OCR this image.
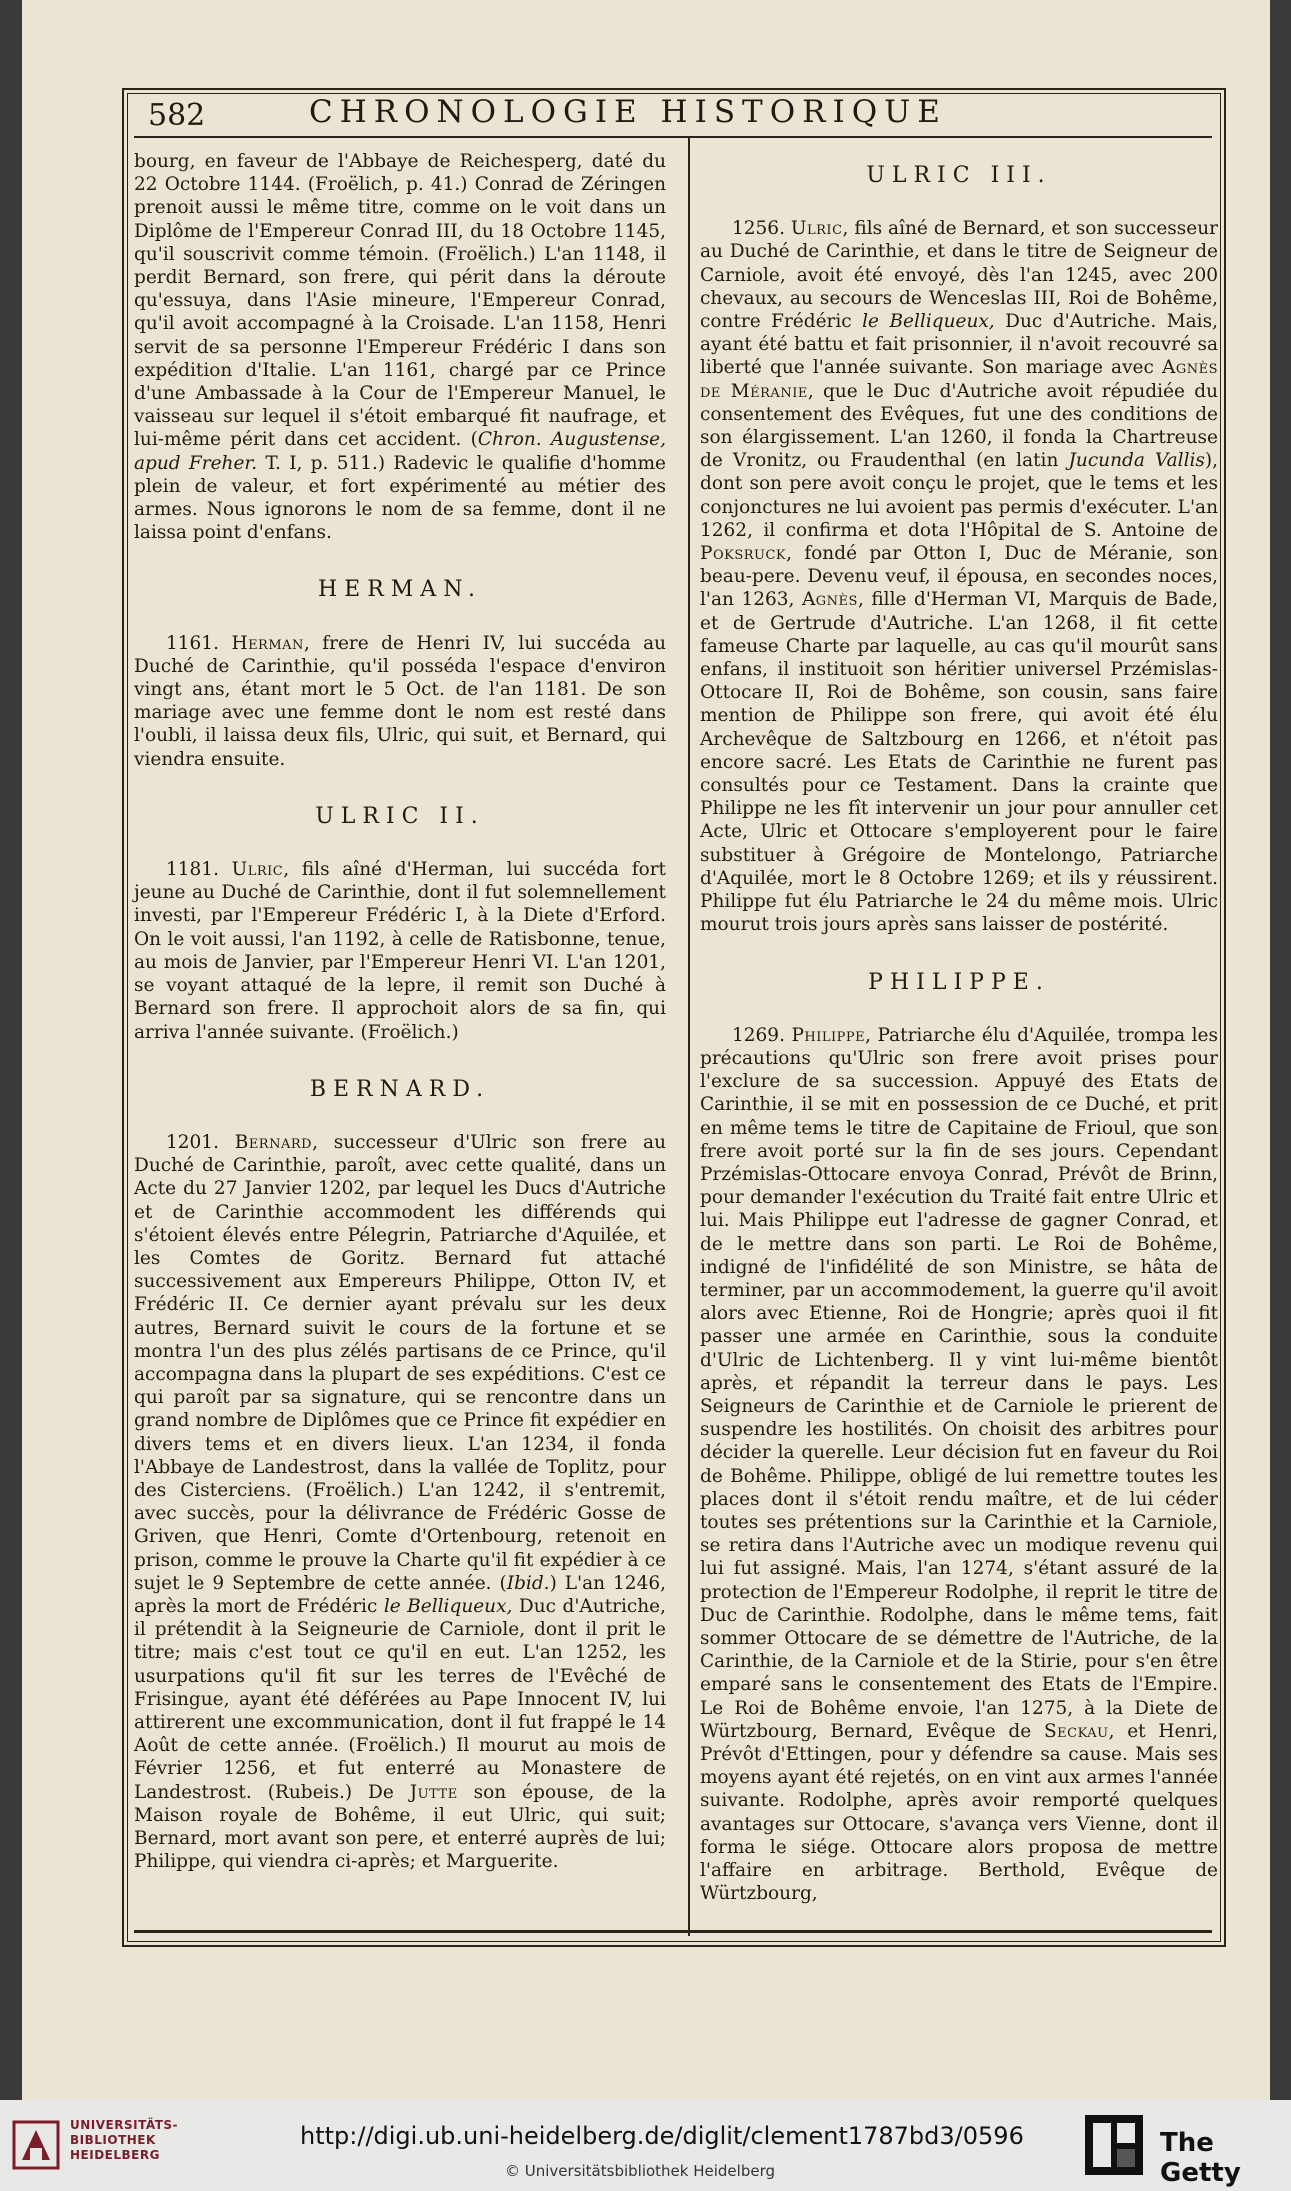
582	CHRONOLOGIE HISTORIQUE

bourg, en faveur de l'Abbaye de Reichesperg, daté du 22 Octobre 1144. (Froëlich, p. 41.) Conrad de Zéringen prenoit aussi le même titre, comme on le voit dans un Diplôme de l'Empereur Conrad III, du 18 Octobre 1145, qu'il souscrivit comme témoin. (Froëlich.) L'an 1148, il perdit Bernard, son frere, qui périt dans la déroute qu'essuya, dans l'Asie mineure, l'Empereur Conrad, qu'il avoit accompagné à la Croisade. L'an 1158, Henri servit de sa personne l'Empereur Frédéric I dans son expédition d'Italie. L'an 1161, chargé par ce Prince d'une Ambassade à la Cour de l'Empereur Manuel, le vaisseau sur lequel il s'étoit embarqué fit naufrage, et lui-même périt dans cet accident. (Chron. Augustense, apud Freher. T. I, p. 511.) Radevic le qualifie d'homme plein de valeur, et fort expérimenté au métier des armes. Nous ignorons le nom de sa femme, dont il ne laissa point d'enfans.

HERMAN.

1161. Herman, frere de Henri IV, lui succéda au Duché de Carinthie, qu'il posséda l'espace d'environ vingt ans, étant mort le 5 Oct. de l'an 1181. De son mariage avec une femme dont le nom est resté dans l'oubli, il laissa deux fils, Ulric, qui suit, et Bernard, qui viendra ensuite.

ULRIC II.

1181. Ulric, fils aîné d'Herman, lui succéda fort jeune au Duché de Carinthie, dont il fut solemnellement investi, par l'Empereur Frédéric I, à la Diete d'Erford. On le voit aussi, l'an 1192, à celle de Ratisbonne, tenue, au mois de Janvier, par l'Empereur Henri VI. L'an 1201, se voyant attaqué de la lepre, il remit son Duché à Bernard son frere. Il approchoit alors de sa fin, qui arriva l'année suivante. (Froëlich.)

BERNARD.

1201. Bernard, successeur d'Ulric son frere au Duché de Carinthie, paroît, avec cette qualité, dans un Acte du 27 Janvier 1202, par lequel les Ducs d'Autriche et de Carinthie accommodent les différends qui s'étoient élevés entre Pélegrin, Patriarche d'Aquilée, et les Comtes de Goritz. Bernard fut attaché successivement aux Empereurs Philippe, Otton IV, et Frédéric II. Ce dernier ayant prévalu sur les deux autres, Bernard suivit le cours de la fortune et se montra l'un des plus zélés partisans de ce Prince, qu'il accompagna dans la plupart de ses expéditions. C'est ce qui paroît par sa signature, qui se rencontre dans un grand nombre de Diplômes que ce Prince fit expédier en divers tems et en divers lieux. L'an 1234, il fonda l'Abbaye de Landestrost, dans la vallée de Toplitz, pour des Cisterciens. (Froëlich.) L'an 1242, il s'entremit, avec succès, pour la délivrance de Frédéric Gosse de Griven, que Henri, Comte d'Ortenbourg, retenoit en prison, comme le prouve la Charte qu'il fit expédier à ce sujet le 9 Septembre de cette année. (Ibid.) L'an 1246, après la mort de Frédéric le Belliqueux, Duc d'Autriche, il prétendit à la Seigneurie de Carniole, dont il prit le titre; mais c'est tout ce qu'il en eut. L'an 1252, les usurpations qu'il fit sur les terres de l'Evêché de Frisingue, ayant été déférées au Pape Innocent IV, lui attirerent une excommunication, dont il fut frappé le 14 Août de cette année. (Froëlich.) Il mourut au mois de Février 1256, et fut enterré au Monastere de Landestrost. (Rubeis.) De Jutte son épouse, de la Maison royale de Bohême, il eut Ulric, qui suit; Bernard, mort avant son pere, et enterré auprès de lui; Philippe, qui viendra ci-après; et Marguerite.

ULRIC III.

1256. Ulric, fils aîné de Bernard, et son successeur au Duché de Carinthie, et dans le titre de Seigneur de Carniole, avoit été envoyé, dès l'an 1245, avec 200 chevaux, au secours de Wenceslas III, Roi de Bohême, contre Frédéric le Belliqueux, Duc d'Autriche. Mais, ayant été battu et fait prisonnier, il n'avoit recouvré sa liberté que l'année suivante. Son mariage avec Agnès de Méranie, que le Duc d'Autriche avoit répudiée du consentement des Evêques, fut une des conditions de son élargissement. L'an 1260, il fonda la Chartreuse de Vronitz, ou Fraudenthal (en latin Jucunda Vallis), dont son pere avoit conçu le projet, que le tems et les conjonctures ne lui avoient pas permis d'exécuter. L'an 1262, il confirma et dota l'Hôpital de S. Antoine de Poksruck, fondé par Otton I, Duc de Méranie, son beau-pere. Devenu veuf, il épousa, en secondes noces, l'an 1263, Agnès, fille d'Herman VI, Marquis de Bade, et de Gertrude d'Autriche. L'an 1268, il fit cette fameuse Charte par laquelle, au cas qu'il mourût sans enfans, il instituoit son héritier universel Przémislas-Ottocare II, Roi de Bohême, son cousin, sans faire mention de Philippe son frere, qui avoit été élu Archevêque de Saltzbourg en 1266, et n'étoit pas encore sacré. Les Etats de Carinthie ne furent pas consultés pour ce Testament. Dans la crainte que Philippe ne les fît intervenir un jour pour annuller cet Acte, Ulric et Ottocare s'employerent pour le faire substituer à Grégoire de Montelongo, Patriarche d'Aquilée, mort le 8 Octobre 1269; et ils y réussirent. Philippe fut élu Patriarche le 24 du même mois. Ulric mourut trois jours après sans laisser de postérité.

PHILIPPE.

1269. Philippe, Patriarche élu d'Aquilée, trompa les précautions qu'Ulric son frere avoit prises pour l'exclure de sa succession. Appuyé des Etats de Carinthie, il se mit en possession de ce Duché, et prit en même tems le titre de Capitaine de Frioul, que son frere avoit porté sur la fin de ses jours. Cependant Przémislas-Ottocare envoya Conrad, Prévôt de Brinn, pour demander l'exécution du Traité fait entre Ulric et lui. Mais Philippe eut l'adresse de gagner Conrad, et de le mettre dans son parti. Le Roi de Bohême, indigné de l'infidélité de son Ministre, se hâta de terminer, par un accommodement, la guerre qu'il avoit alors avec Etienne, Roi de Hongrie; après quoi il fit passer une armée en Carinthie, sous la conduite d'Ulric de Lichtenberg. Il y vint lui-même bientôt après, et répandit la terreur dans le pays. Les Seigneurs de Carinthie et de Carniole le prierent de suspendre les hostilités. On choisit des arbitres pour décider la querelle. Leur décision fut en faveur du Roi de Bohême. Philippe, obligé de lui remettre toutes les places dont il s'étoit rendu maître, et de lui céder toutes ses prétentions sur la Carinthie et la Carniole, se retira dans l'Autriche avec un modique revenu qui lui fut assigné. Mais, l'an 1274, s'étant assuré de la protection de l'Empereur Rodolphe, il reprit le titre de Duc de Carinthie. Rodolphe, dans le même tems, fait sommer Ottocare de se démettre de l'Autriche, de la Carinthie, de la Carniole et de la Stirie, pour s'en être emparé sans le consentement des Etats de l'Empire. Le Roi de Bohême envoie, l'an 1275, à la Diete de Würtzbourg, Bernard, Evêque de Seckau, et Henri, Prévôt d'Ettingen, pour y défendre sa cause. Mais ses moyens ayant été rejetés, on en vint aux armes l'année suivante. Rodolphe, après avoir remporté quelques avantages sur Ottocare, s'avança vers Vienne, dont il forma le siége. Ottocare alors proposa de mettre l'affaire en arbitrage. Berthold, Evêque de Würtzbourg,

UNIVERSITÄTS-
BIBLIOTHEK
HEIDELBERG
http://digi.ub.uni-heidelberg.de/diglit/clement1787bd3/0596
© Universitätsbibliothek Heidelberg
The Getty
